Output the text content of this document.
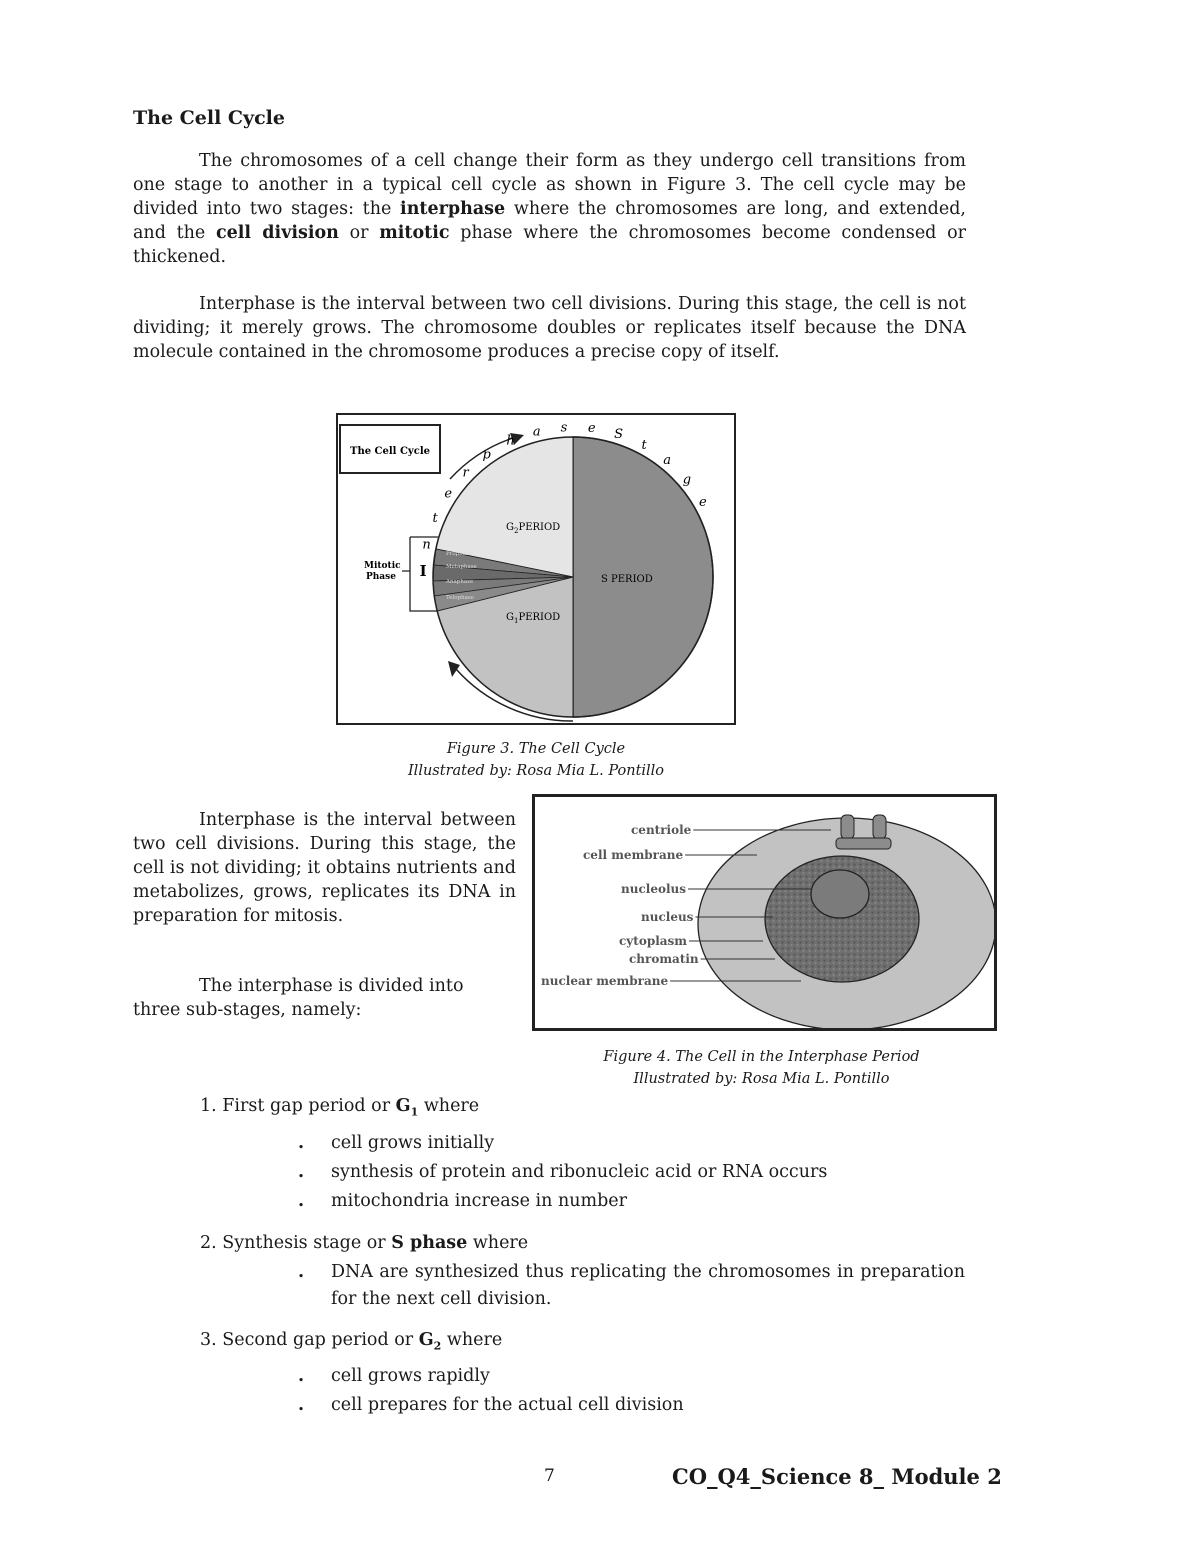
The Cell Cycle
The chromosomes of a cell change their form as they undergo cell transitions from one stage to another in a typical cell cycle as shown in Figure 3. The cell cycle may be divided into two stages: the interphase where the chromosomes are long, and extended, and the cell division or mitotic phase where the chromosomes become condensed or thickened.
Interphase is the interval between two cell divisions. During this stage, the cell is not dividing; it merely grows. The chromosome doubles or replicates itself because the DNA molecule contained in the chromosome produces a precise copy of itself.
The Cell Cycle
Prophase
Metaphase
Anaphase
Telophase
$G_2PERIOD$
$G_1PERIOD$
S PERIOD
Mitotic
Phase I
n
t
e
r
p
h
a s e S
t
a
g
e
Figure 3. The Cell Cycle
Illustrated by: Rosa Mia L. Pontillo
Interphase is the interval between two cell divisions. During this stage, the cell is not dividing; it obtains nutrients and metabolizes, grows, replicates its DNA in preparation for mitosis.
The interphase is divided into three sub-stages, namely:
centriole
cell membrane
nucleolus
nucleus
cytoplasm
chromatin
nuclear membrane
Figure 4. The Cell in the Interphase Period
Illustrated by: Rosa Mia L. Pontillo
1. First gap period or $G_1$ where
. cell grows initially
. synthesis of protein and ribonucleic acid or RNA occurs
. mitochondria increase in number
2. Synthesis stage or S phase where
. DNA are synthesized thus replicating the chromosomes in preparation for the next cell division.
3. Second gap period or $G_2$ where
. cell grows rapidly
. cell prepares for the actual cell division
7	CO_Q4_Science 8_ Module 2
